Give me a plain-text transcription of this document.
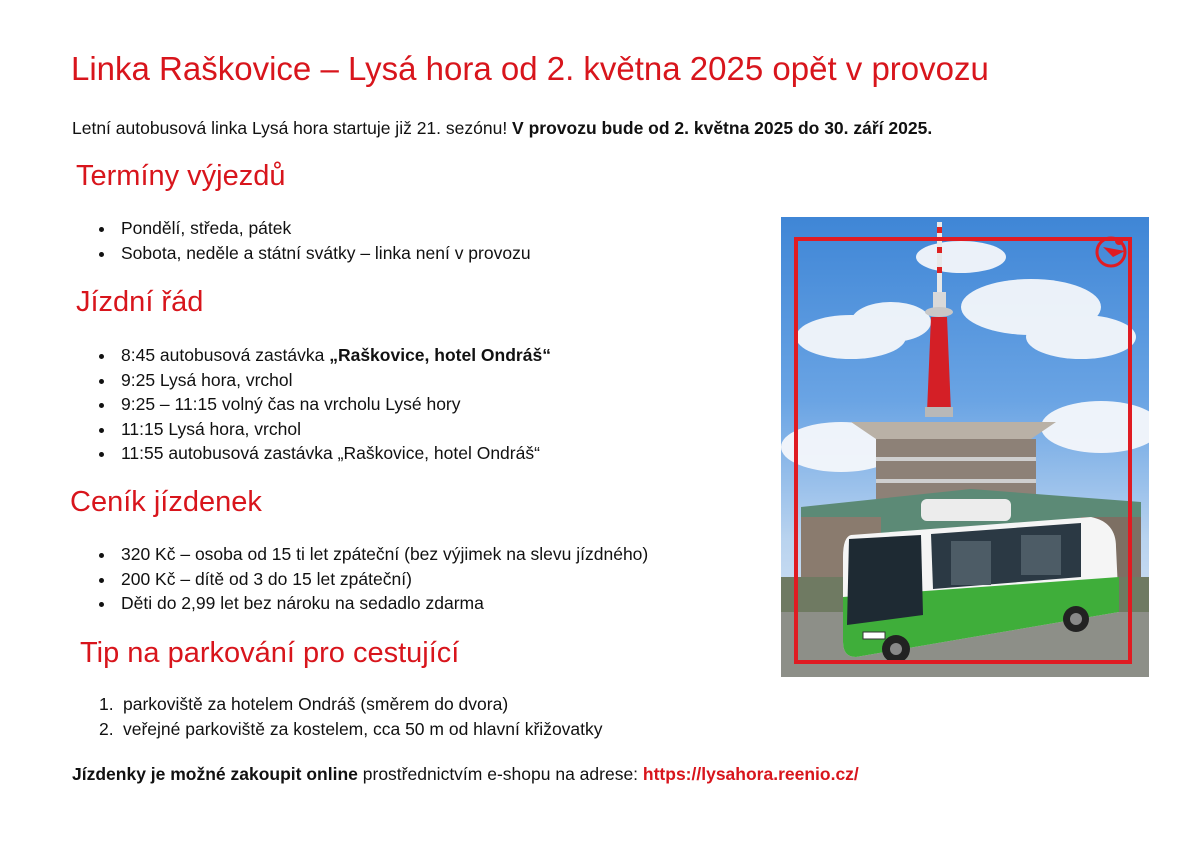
Linka Raškovice – Lysá hora od 2. května 2025 opět v provozu

Letní autobusová linka Lysá hora startuje již 21. sezónu! V provozu bude od 2. května 2025 do 30. září 2025.

Termíny výjezdů
Pondělí, středa, pátek
Sobota, neděle a státní svátky – linka není v provozu
Jízdní řád
8:45 autobusová zastávka „Raškovice, hotel Ondráš“
9:25 Lysá hora, vrchol
9:25 – 11:15 volný čas na vrcholu Lysé hory
11:15 Lysá hora, vrchol
11:55 autobusová zastávka „Raškovice, hotel Ondráš“
Ceník jízdenek
320 Kč – osoba od 15 ti let zpáteční (bez výjimek na slevu jízdného)
200 Kč – dítě od 3 do 15 let zpáteční)
Děti do 2,99 let bez nároku na sedadlo zdarma
Tip na parkování pro cestující
1. parkoviště za hotelem Ondráš (směrem do dvora)
2. veřejné parkoviště za kostelem, cca 50 m od hlavní křižovatky

Jízdenky je možné zakoupit online prostřednictvím e-shopu na adrese: https://lysahora.reenio.cz/
